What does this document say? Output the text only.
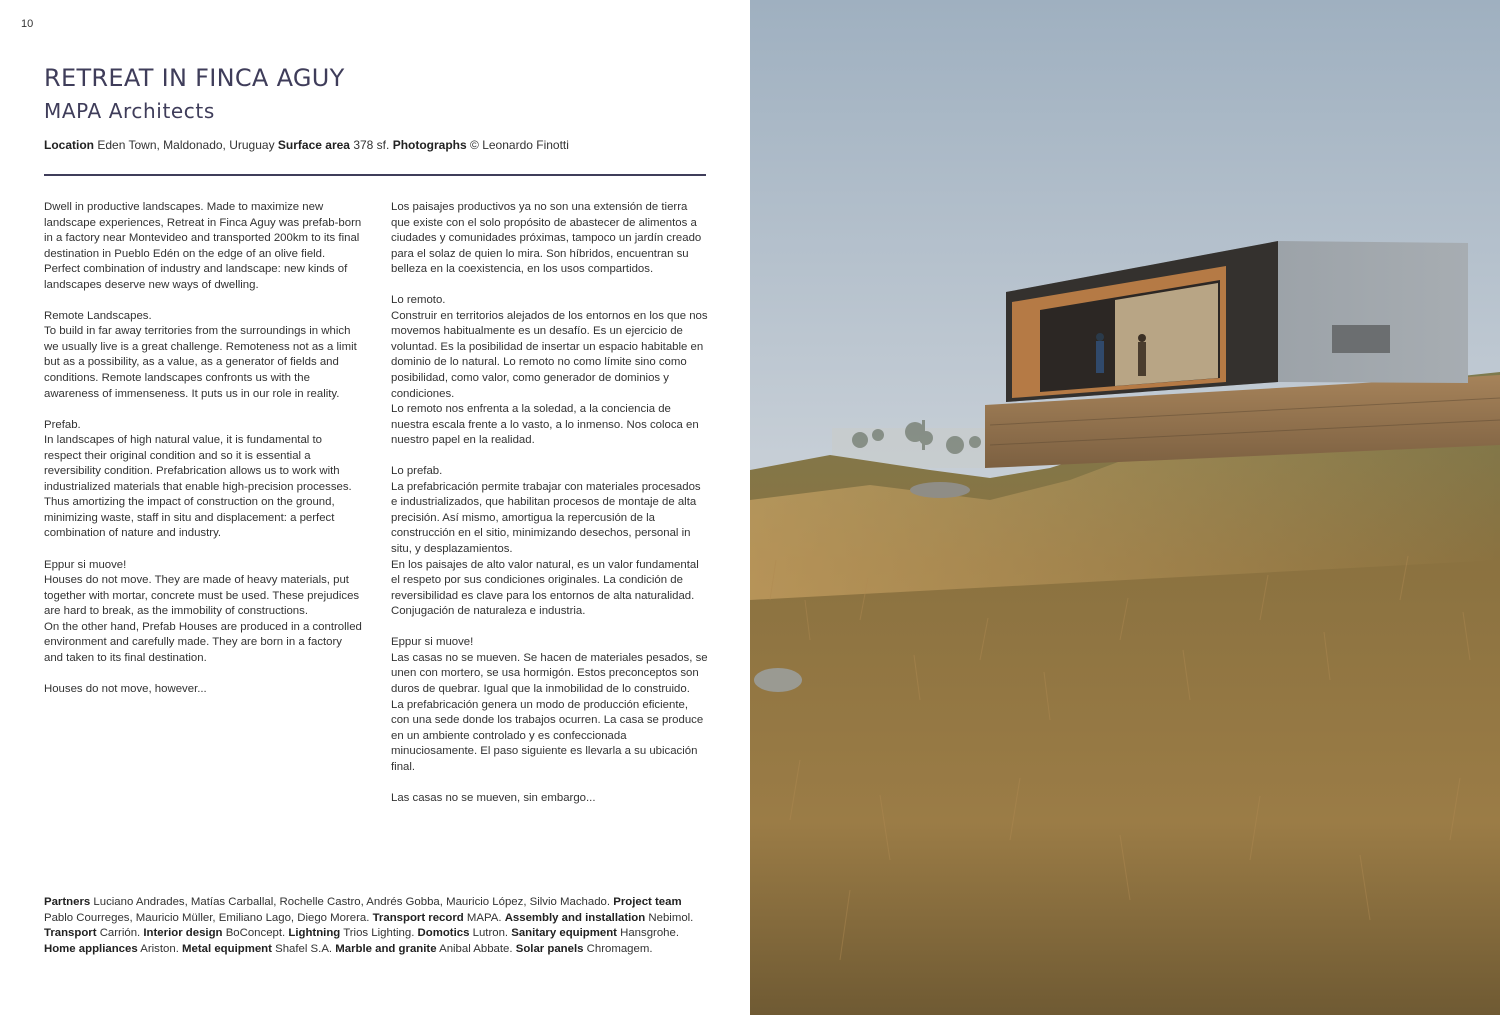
10
RETREAT IN FINCA AGUY
MAPA Architects
Location Eden Town, Maldonado, Uruguay Surface area 378 sf. Photographs © Leonardo Finotti

Dwell in productive landscapes. Made to maximize new landscape experiences, Retreat in Finca Aguy was prefab-born in a factory near Montevideo and transported 200km to its final destination in Pueblo Edén on the edge of an olive field. Perfect combination of industry and landscape: new kinds of landscapes deserve new ways of dwelling.

Remote Landscapes.
To build in far away territories from the surroundings in which we usually live is a great challenge. Remoteness not as a limit but as a possibility, as a value, as a generator of fields and conditions. Remote landscapes confronts us with the awareness of immenseness. It puts us in our role in reality.

Prefab.
In landscapes of high natural value, it is fundamental to respect their original condition and so it is essential a reversibility condition. Prefabrication allows us to work with industrialized materials that enable high-precision processes. Thus amortizing the impact of construction on the ground, minimizing waste, staff in situ and displacement: a perfect combination of nature and industry.

Eppur si muove!
Houses do not move. They are made of heavy materials, put together with mortar, concrete must be used. These prejudices are hard to break, as the immobility of constructions.
On the other hand, Prefab Houses are produced in a controlled environment and carefully made. They are born in a factory and taken to its final destination.

Houses do not move, however...

Los paisajes productivos ya no son una extensión de tierra que existe con el solo propósito de abastecer de alimentos a ciudades y comunidades próximas, tampoco un jardín creado para el solaz de quien lo mira. Son híbridos, encuentran su belleza en la coexistencia, en los usos compartidos.

Lo remoto.
Construir en territorios alejados de los entornos en los que nos movemos habitualmente es un desafío. Es un ejercicio de voluntad. Es la posibilidad de insertar un espacio habitable en dominio de lo natural. Lo remoto no como límite sino como posibilidad, como valor, como generador de dominios y condiciones.
Lo remoto nos enfrenta a la soledad, a la conciencia de nuestra escala frente a lo vasto, a lo inmenso. Nos coloca en nuestro papel en la realidad.

Lo prefab.
La prefabricación permite trabajar con materiales procesados e industrializados, que habilitan procesos de montaje de alta precisión. Así mismo, amortigua la repercusión de la construcción en el sitio, minimizando desechos, personal in situ, y desplazamientos.
En los paisajes de alto valor natural, es un valor fundamental el respeto por sus condiciones originales. La condición de reversibilidad es clave para los entornos de alta naturalidad. Conjugación de naturaleza e industria.

Eppur si muove!
Las casas no se mueven. Se hacen de materiales pesados, se unen con mortero, se usa hormigón. Estos preconceptos son duros de quebrar. Igual que la inmobilidad de lo construido.
La prefabricación genera un modo de producción eficiente, con una sede donde los trabajos ocurren. La casa se produce en un ambiente controlado y es confeccionada minuciosamente. El paso siguiente es llevarla a su ubicación final.

Las casas no se mueven, sin embargo...

Partners Luciano Andrades, Matías Carballal, Rochelle Castro, Andrés Gobba, Mauricio López, Silvio Machado. Project team Pablo Courreges, Mauricio Müller, Emiliano Lago, Diego Morera. Transport record MAPA. Assembly and installation Nebimol. Transport Carrión. Interior design BoConcept. Lightning Trios Lighting. Domotics Lutron. Sanitary equipment Hansgrohe. Home appliances Ariston. Metal equipment Shafel S.A. Marble and granite Anibal Abbate. Solar panels Chromagem.
